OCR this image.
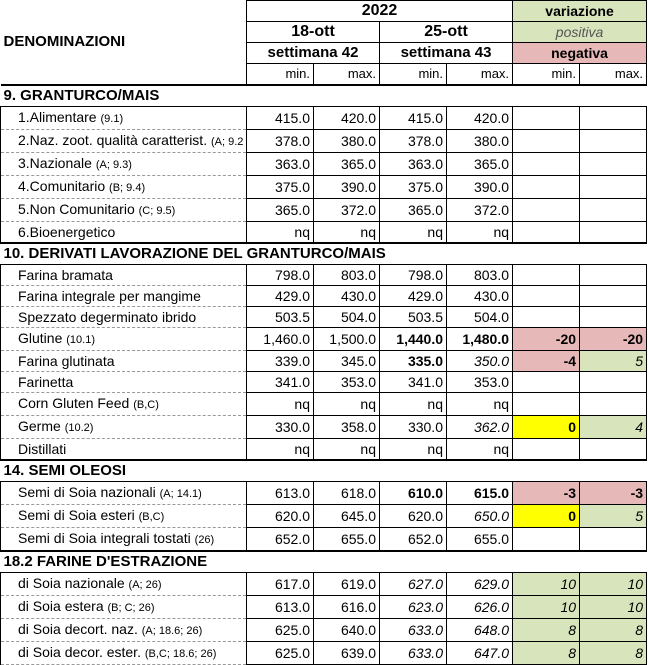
DENOMINAZIONI	2022				variazione	
	18-ott		25-ott		positiva	
	settimana 42		settimana 43		negativa	
	min.	max.	min.	max.	min.	max.
9. GRANTURCO/MAIS						
1.Alimentare (9.1)	415.0	420.0	415.0	420.0		
2.Naz. zoot. qualità caratterist. (A; 9.2	378.0	380.0	378.0	380.0		
3.Nazionale (A; 9.3)	363.0	365.0	363.0	365.0		
4.Comunitario (B; 9.4)	375.0	390.0	375.0	390.0		
5.Non Comunitario (C; 9.5)	365.0	372.0	365.0	372.0		
6.Bioenergetico	nq	nq	nq	nq		
10. DERIVATI LAVORAZIONE DEL GRANTURCO/MAIS						
Farina bramata	798.0	803.0	798.0	803.0		
Farina integrale per mangime	429.0	430.0	429.0	430.0		
Spezzato degerminato ibrido	503.5	504.0	503.5	504.0		
Glutine (10.1)	1,460.0	1,500.0	1,440.0	1,480.0	-20	-20
Farina glutinata	339.0	345.0	335.0	350.0	-4	5
Farinetta	341.0	353.0	341.0	353.0		
Corn Gluten Feed (B,C)	nq	nq	nq	nq		
Germe (10.2)	330.0	358.0	330.0	362.0	0	4
Distillati	nq	nq	nq	nq		
14. SEMI OLEOSI						
Semi di Soia nazionali (A; 14.1)	613.0	618.0	610.0	615.0	-3	-3
Semi di Soia esteri (B,C)	620.0	645.0	620.0	650.0	0	5
Semi di Soia integrali tostati (26)	652.0	655.0	652.0	655.0		
18.2 FARINE D'ESTRAZIONE						
di Soia nazionale (A; 26)	617.0	619.0	627.0	629.0	10	10
di Soia estera (B; C; 26)	613.0	616.0	623.0	626.0	10	10
di Soia decort. naz. (A; 18.6; 26)	625.0	640.0	633.0	648.0	8	8
di Soia decor. ester. (B,C; 18.6; 26)	625.0	639.0	633.0	647.0	8	8
